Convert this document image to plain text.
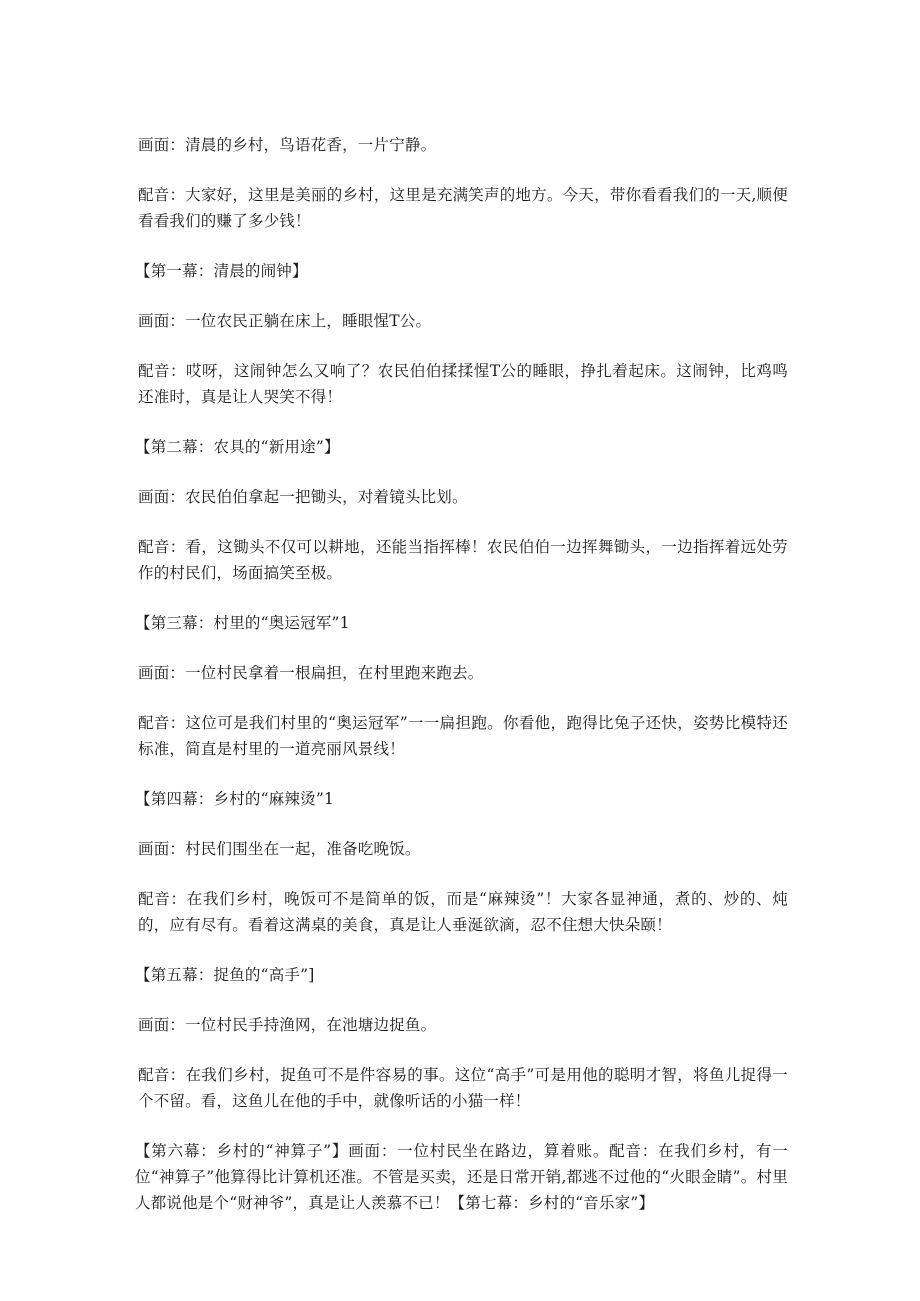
画面：清晨的乡村，鸟语花香，一片宁静。

配音：大家好，这里是美丽的乡村，这里是充满笑声的地方。今天，带你看看我们的一天,顺便看看我们的赚了多少钱！

【第一幕：清晨的闹钟】

画面：一位农民正躺在床上，睡眼惺T公。

配音：哎呀，这闹钟怎么又响了？农民伯伯揉揉惺T公的睡眼，挣扎着起床。这闹钟，比鸡鸣还准时，真是让人哭笑不得！

【第二幕：农具的“新用途”】

画面：农民伯伯拿起一把锄头，对着镜头比划。

配音：看，这锄头不仅可以耕地，还能当指挥棒！农民伯伯一边挥舞锄头，一边指挥着远处劳作的村民们，场面搞笑至极。

【第三幕：村里的“奥运冠军”1

画面：一位村民拿着一根扁担，在村里跑来跑去。

配音：这位可是我们村里的“奥运冠军”一一扁担跑。你看他，跑得比兔子还快，姿势比模特还标准，简直是村里的一道亮丽风景线！

【第四幕：乡村的“麻辣烫”1

画面：村民们围坐在一起，准备吃晚饭。

配音：在我们乡村，晚饭可不是简单的饭，而是“麻辣烫”！大家各显神通，煮的、炒的、炖的，应有尽有。看着这满桌的美食，真是让人垂涎欲滴，忍不住想大快朵颐！

【第五幕：捉鱼的“高手”]

画面：一位村民手持渔网，在池塘边捉鱼。

配音：在我们乡村，捉鱼可不是件容易的事。这位“高手”可是用他的聪明才智，将鱼儿捉得一个不留。看，这鱼儿在他的手中，就像听话的小猫一样！

【第六幕：乡村的“神算子”】画面：一位村民坐在路边，算着账。配音：在我们乡村，有一位“神算子”他算得比计算机还准。不管是买卖，还是日常开销,都逃不过他的“火眼金睛”。村里人都说他是个“财神爷”，真是让人羡慕不已！【第七幕：乡村的“音乐家”】
